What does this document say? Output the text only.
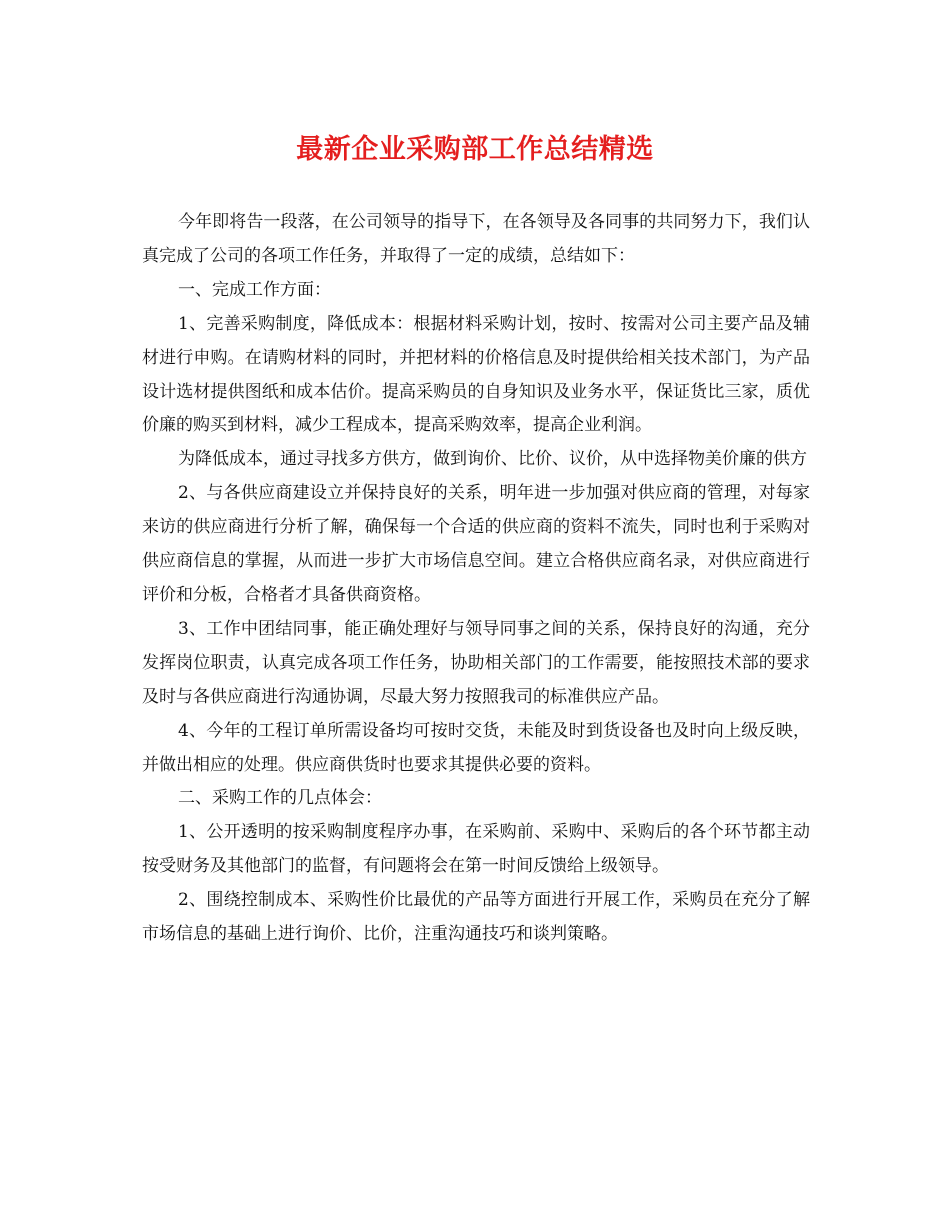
最新企业采购部工作总结精选

今年即将告一段落，在公司领导的指导下，在各领导及各同事的共同努力下，我们认真完成了公司的各项工作任务，并取得了一定的成绩，总结如下：

一、完成工作方面：

1、完善采购制度，降低成本：根据材料采购计划，按时、按需对公司主要产品及辅材进行申购。在请购材料的同时，并把材料的价格信息及时提供给相关技术部门，为产品设计选材提供图纸和成本估价。提高采购员的自身知识及业务水平，保证货比三家，质优价廉的购买到材料，减少工程成本，提高采购效率，提高企业利润。

为降低成本，通过寻找多方供方，做到询价、比价、议价，从中选择物美价廉的供方

2、与各供应商建设立并保持良好的关系，明年进一步加强对供应商的管理，对每家来访的供应商进行分析了解，确保每一个合适的供应商的资料不流失，同时也利于采购对供应商信息的掌握，从而进一步扩大市场信息空间。建立合格供应商名录，对供应商进行评价和分板，合格者才具备供商资格。

3、工作中团结同事，能正确处理好与领导同事之间的关系，保持良好的沟通，充分发挥岗位职责，认真完成各项工作任务，协助相关部门的工作需要，能按照技术部的要求及时与各供应商进行沟通协调，尽最大努力按照我司的标准供应产品。

4、今年的工程订单所需设备均可按时交货，未能及时到货设备也及时向上级反映，并做出相应的处理。供应商供货时也要求其提供必要的资料。

二、采购工作的几点体会：

1、公开透明的按采购制度程序办事，在采购前、采购中、采购后的各个环节都主动按受财务及其他部门的监督，有问题将会在第一时间反馈给上级领导。

2、围绕控制成本、采购性价比最优的产品等方面进行开展工作，采购员在充分了解市场信息的基础上进行询价、比价，注重沟通技巧和谈判策略。
